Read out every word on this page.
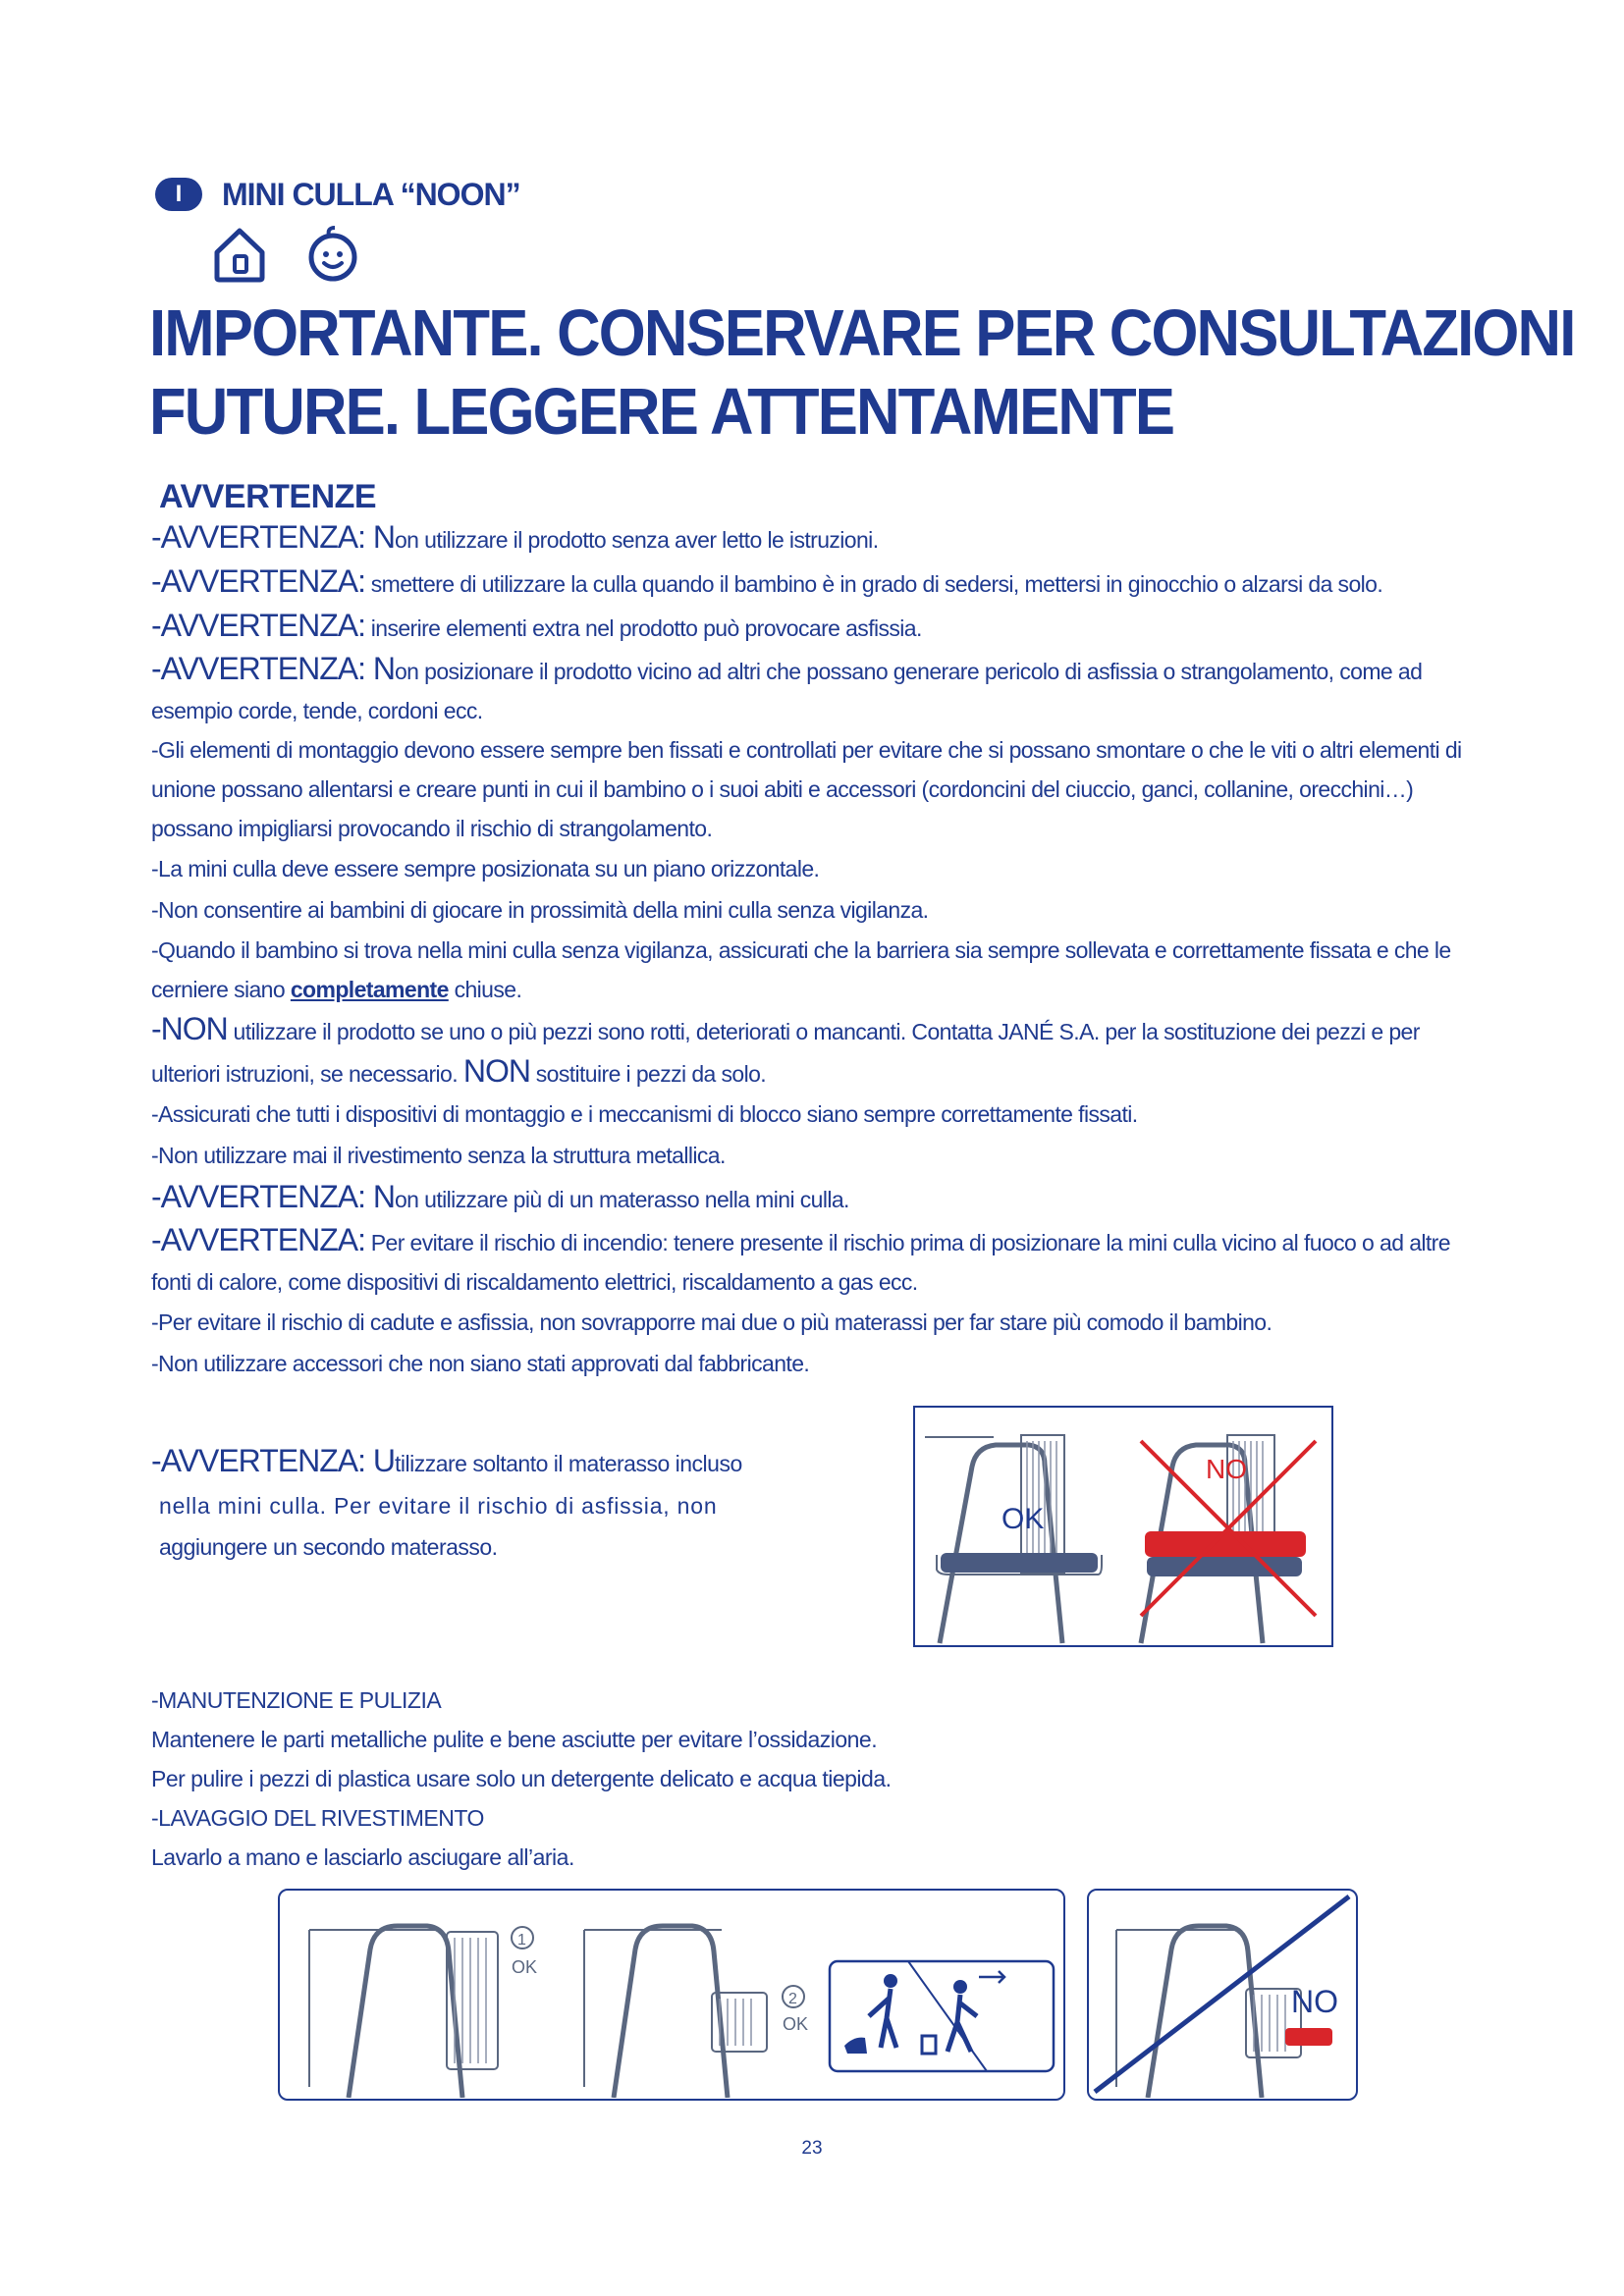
I	MINI CULLA “NOON”
IMPORTANTE. CONSERVARE PER CONSULTAZIONI
FUTURE. LEGGERE ATTENTAMENTE
AVVERTENZE

-AVVERTENZA: Non utilizzare il prodotto senza aver letto le istruzioni.

-AVVERTENZA: smettere di utilizzare la culla quando il bambino è in grado di sedersi, mettersi in ginocchio o alzarsi da solo.

-AVVERTENZA: inserire elementi extra nel prodotto può provocare asfissia.

-AVVERTENZA: Non posizionare il prodotto vicino ad altri che possano generare pericolo di asfissia o strangolamento, come ad esempio corde, tende, cordoni ecc.

-Gli elementi di montaggio devono essere sempre ben fissati e controllati per evitare che si possano smontare o che le viti o altri elementi di unione possano allentarsi e creare punti in cui il bambino o i suoi abiti e accessori (cordoncini del ciuccio, ganci, collanine, orecchini…) possano impigliarsi provocando il rischio di strangolamento.

-La mini culla deve essere sempre posizionata su un piano orizzontale.

-Non consentire ai bambini di giocare in prossimità della mini culla senza vigilanza.

-Quando il bambino si trova nella mini culla senza vigilanza, assicurati che la barriera sia sempre sollevata e correttamente fissata e che le cerniere siano completamente chiuse.

-NON utilizzare il prodotto se uno o più pezzi sono rotti, deteriorati o mancanti. Contatta JANÉ S.A. per la sostituzione dei pezzi e per ulteriori istruzioni, se necessario. NON sostituire i pezzi da solo.

-Assicurati che tutti i dispositivi di montaggio e i meccanismi di blocco siano sempre correttamente fissati.

-Non utilizzare mai il rivestimento senza la struttura metallica.

-AVVERTENZA: Non utilizzare più di un materasso nella mini culla.

-AVVERTENZA: Per evitare il rischio di incendio: tenere presente il rischio prima di posizionare la mini culla vicino al fuoco o ad altre fonti di calore, come dispositivi di riscaldamento elettrici, riscaldamento a gas ecc.

-Per evitare il rischio di cadute e asfissia, non sovrapporre mai due o più materassi per far stare più comodo il bambino.

-Non utilizzare accessori che non siano stati approvati dal fabbricante.

-AVVERTENZA: Utilizzare soltanto il materasso incluso
nella mini culla. Per evitare il rischio di asfissia, non
aggiungere un secondo materasso.
OK
NO

-MANUTENZIONE E PULIZIA

Mantenere le parti metalliche pulite e bene asciutte per evitare l’ossidazione.

Per pulire i pezzi di plastica usare solo un detergente delicato e acqua tiepida.

-LAVAGGIO DEL RIVESTIMENTO

Lavarlo a mano e lasciarlo asciugare all’aria.

1
OK
2
OK
NO
23
